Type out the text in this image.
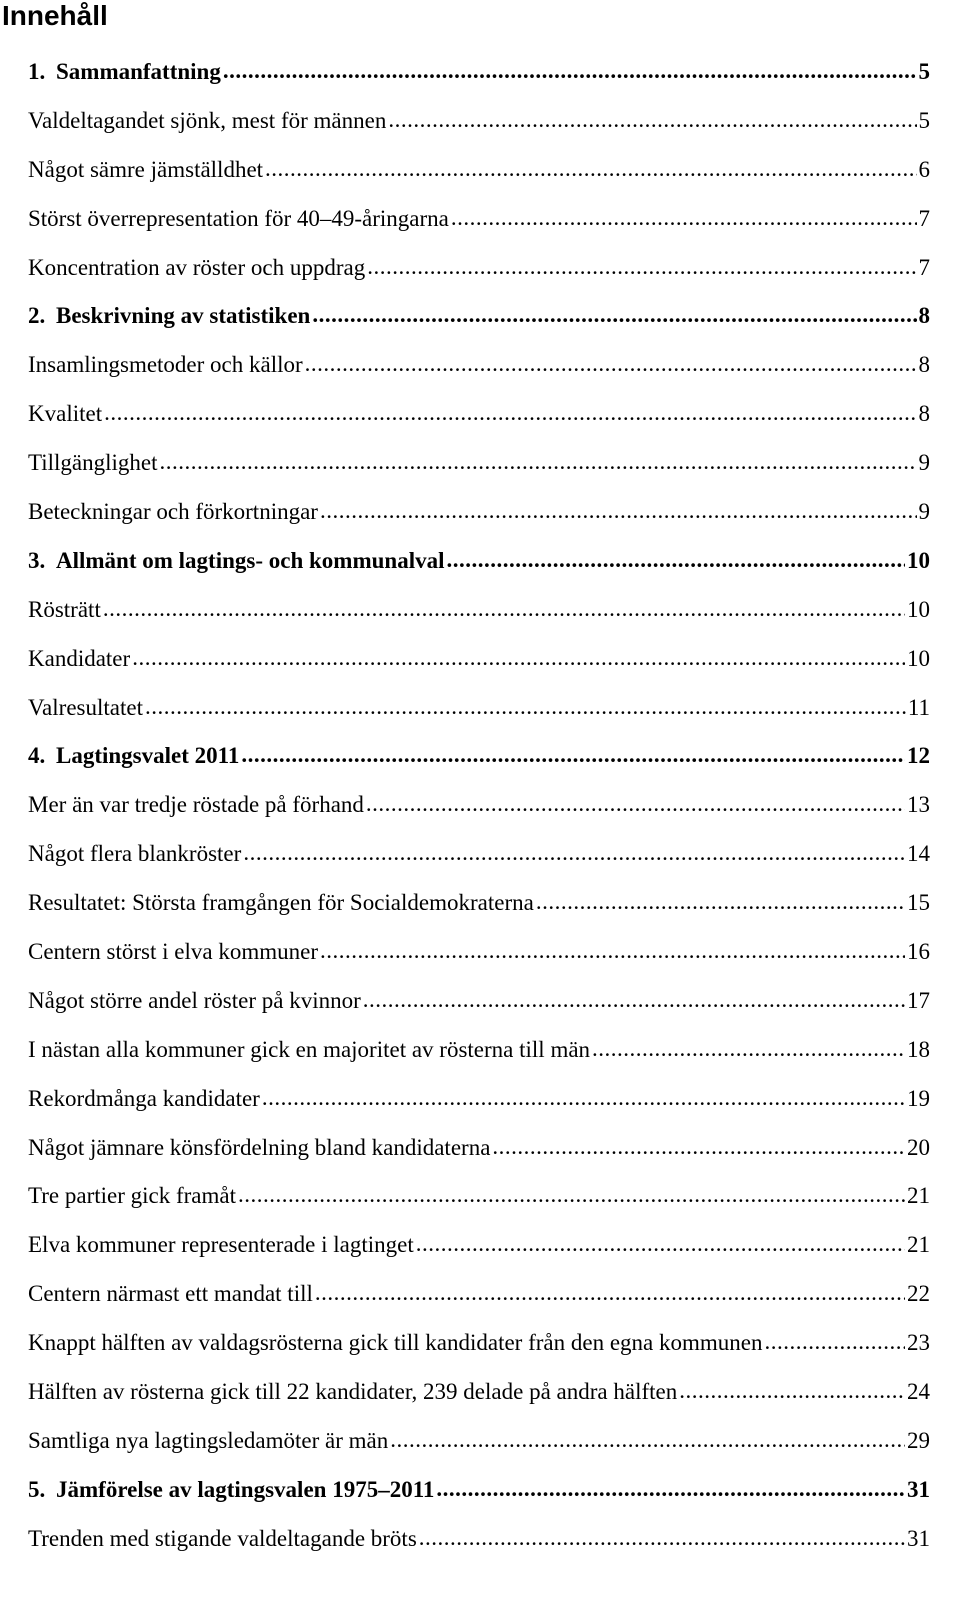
Innehåll
1. Sammanfattning .....	5
Valdeltagandet sjönk, mest för männen .....	5
Något sämre jämställdhet .....	6
Störst överrepresentation för 40–49-åringarna .....	7
Koncentration av röster och uppdrag .....	7
2. Beskrivning av statistiken .....	8
Insamlingsmetoder och källor .....	8
Kvalitet .....	8
Tillgänglighet .....	9
Beteckningar och förkortningar .....	9
3. Allmänt om lagtings- och kommunalval .....	10
Rösträtt .....	10
Kandidater .....	10
Valresultatet .....	11
4. Lagtingsvalet 2011 .....	12
Mer än var tredje röstade på förhand .....	13
Något flera blankröster .....	14
Resultatet: Största framgången för Socialdemokraterna .....	15
Centern störst i elva kommuner .....	16
Något större andel röster på kvinnor .....	17
I nästan alla kommuner gick en majoritet av rösterna till män .....	18
Rekordmånga kandidater .....	19
Något jämnare könsfördelning bland kandidaterna .....	20
Tre partier gick framåt .....	21
Elva kommuner representerade i lagtinget .....	21
Centern närmast ett mandat till .....	22
Knappt hälften av valdagsrösterna gick till kandidater från den egna kommunen .....	23
Hälften av rösterna gick till 22 kandidater, 239 delade på andra hälften .....	24
Samtliga nya lagtingsledamöter är män .....	29
5. Jämförelse av lagtingsvalen 1975–2011 .....	31
Trenden med stigande valdeltagande bröts .....	31
